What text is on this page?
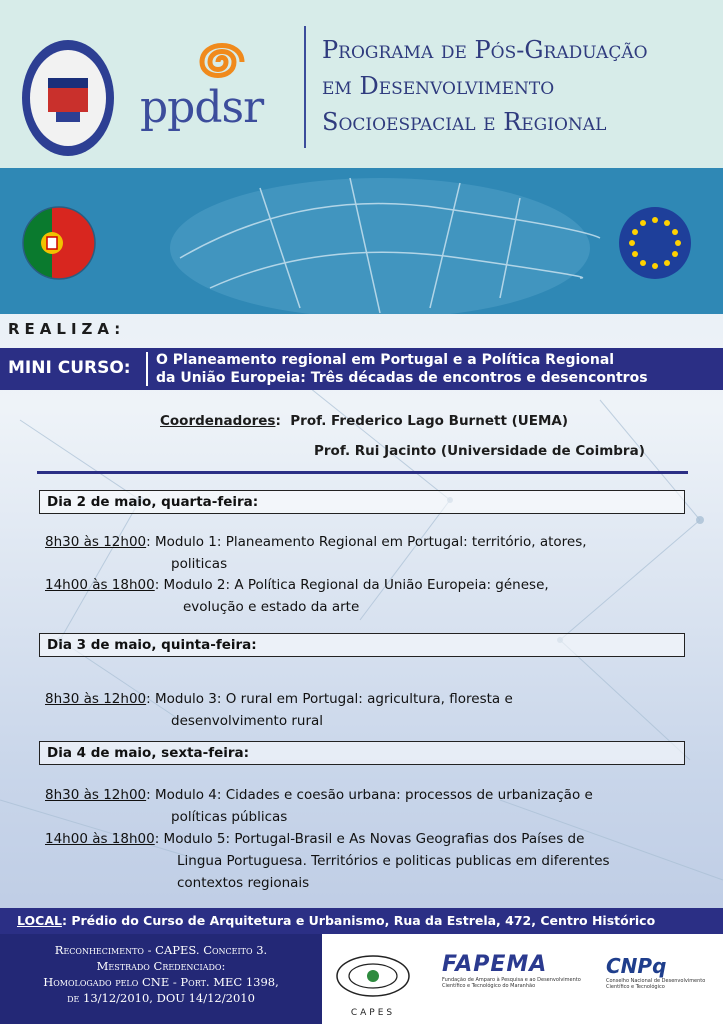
ppdsr
Programa de Pós-Graduação
em Desenvolvimento
Socioespacial e Regional
REALIZA:
MINI CURSO: O Planeamento regional em Portugal e a Política Regional
da União Europeia: Três décadas de encontros e desencontros
Coordenadores:  Prof. Frederico Lago Burnett (UEMA)
Prof. Rui Jacinto (Universidade de Coimbra)
Dia 2 de maio, quarta-feira:
8h30 às 12h00: Modulo 1: Planeamento Regional em Portugal: território, atores,
politicas
14h00 às 18h00: Modulo 2: A Política Regional da União Europeia: génese,
evolução e estado da arte
Dia 3 de maio, quinta-feira:
8h30 às 12h00: Modulo 3: O rural em Portugal: agricultura, floresta e
desenvolvimento rural
Dia 4 de maio, sexta-feira:
8h30 às 12h00: Modulo 4: Cidades e coesão urbana: processos de urbanização e
políticas públicas
14h00 às 18h00: Modulo 5: Portugal-Brasil e As Novas Geografias dos Países de
Lingua Portuguesa. Territórios e politicas publicas em diferentes
contextos regionais
LOCAL: Prédio do Curso de Arquitetura e Urbanismo, Rua da Estrela, 472, Centro Histórico
Reconhecimento - CAPES. Conceito 3.
Mestrado Credenciado:
Homologado pelo CNE - Port. MEC 1398,
de 13/12/2010, DOU 14/12/2010
CAPES
FAPEMA
Fundação de Amparo à Pesquisa e ao Desenvolvimento Científico e Tecnológico do Maranhão
CNPq
Conselho Nacional de Desenvolvimento Científico e Tecnológico
